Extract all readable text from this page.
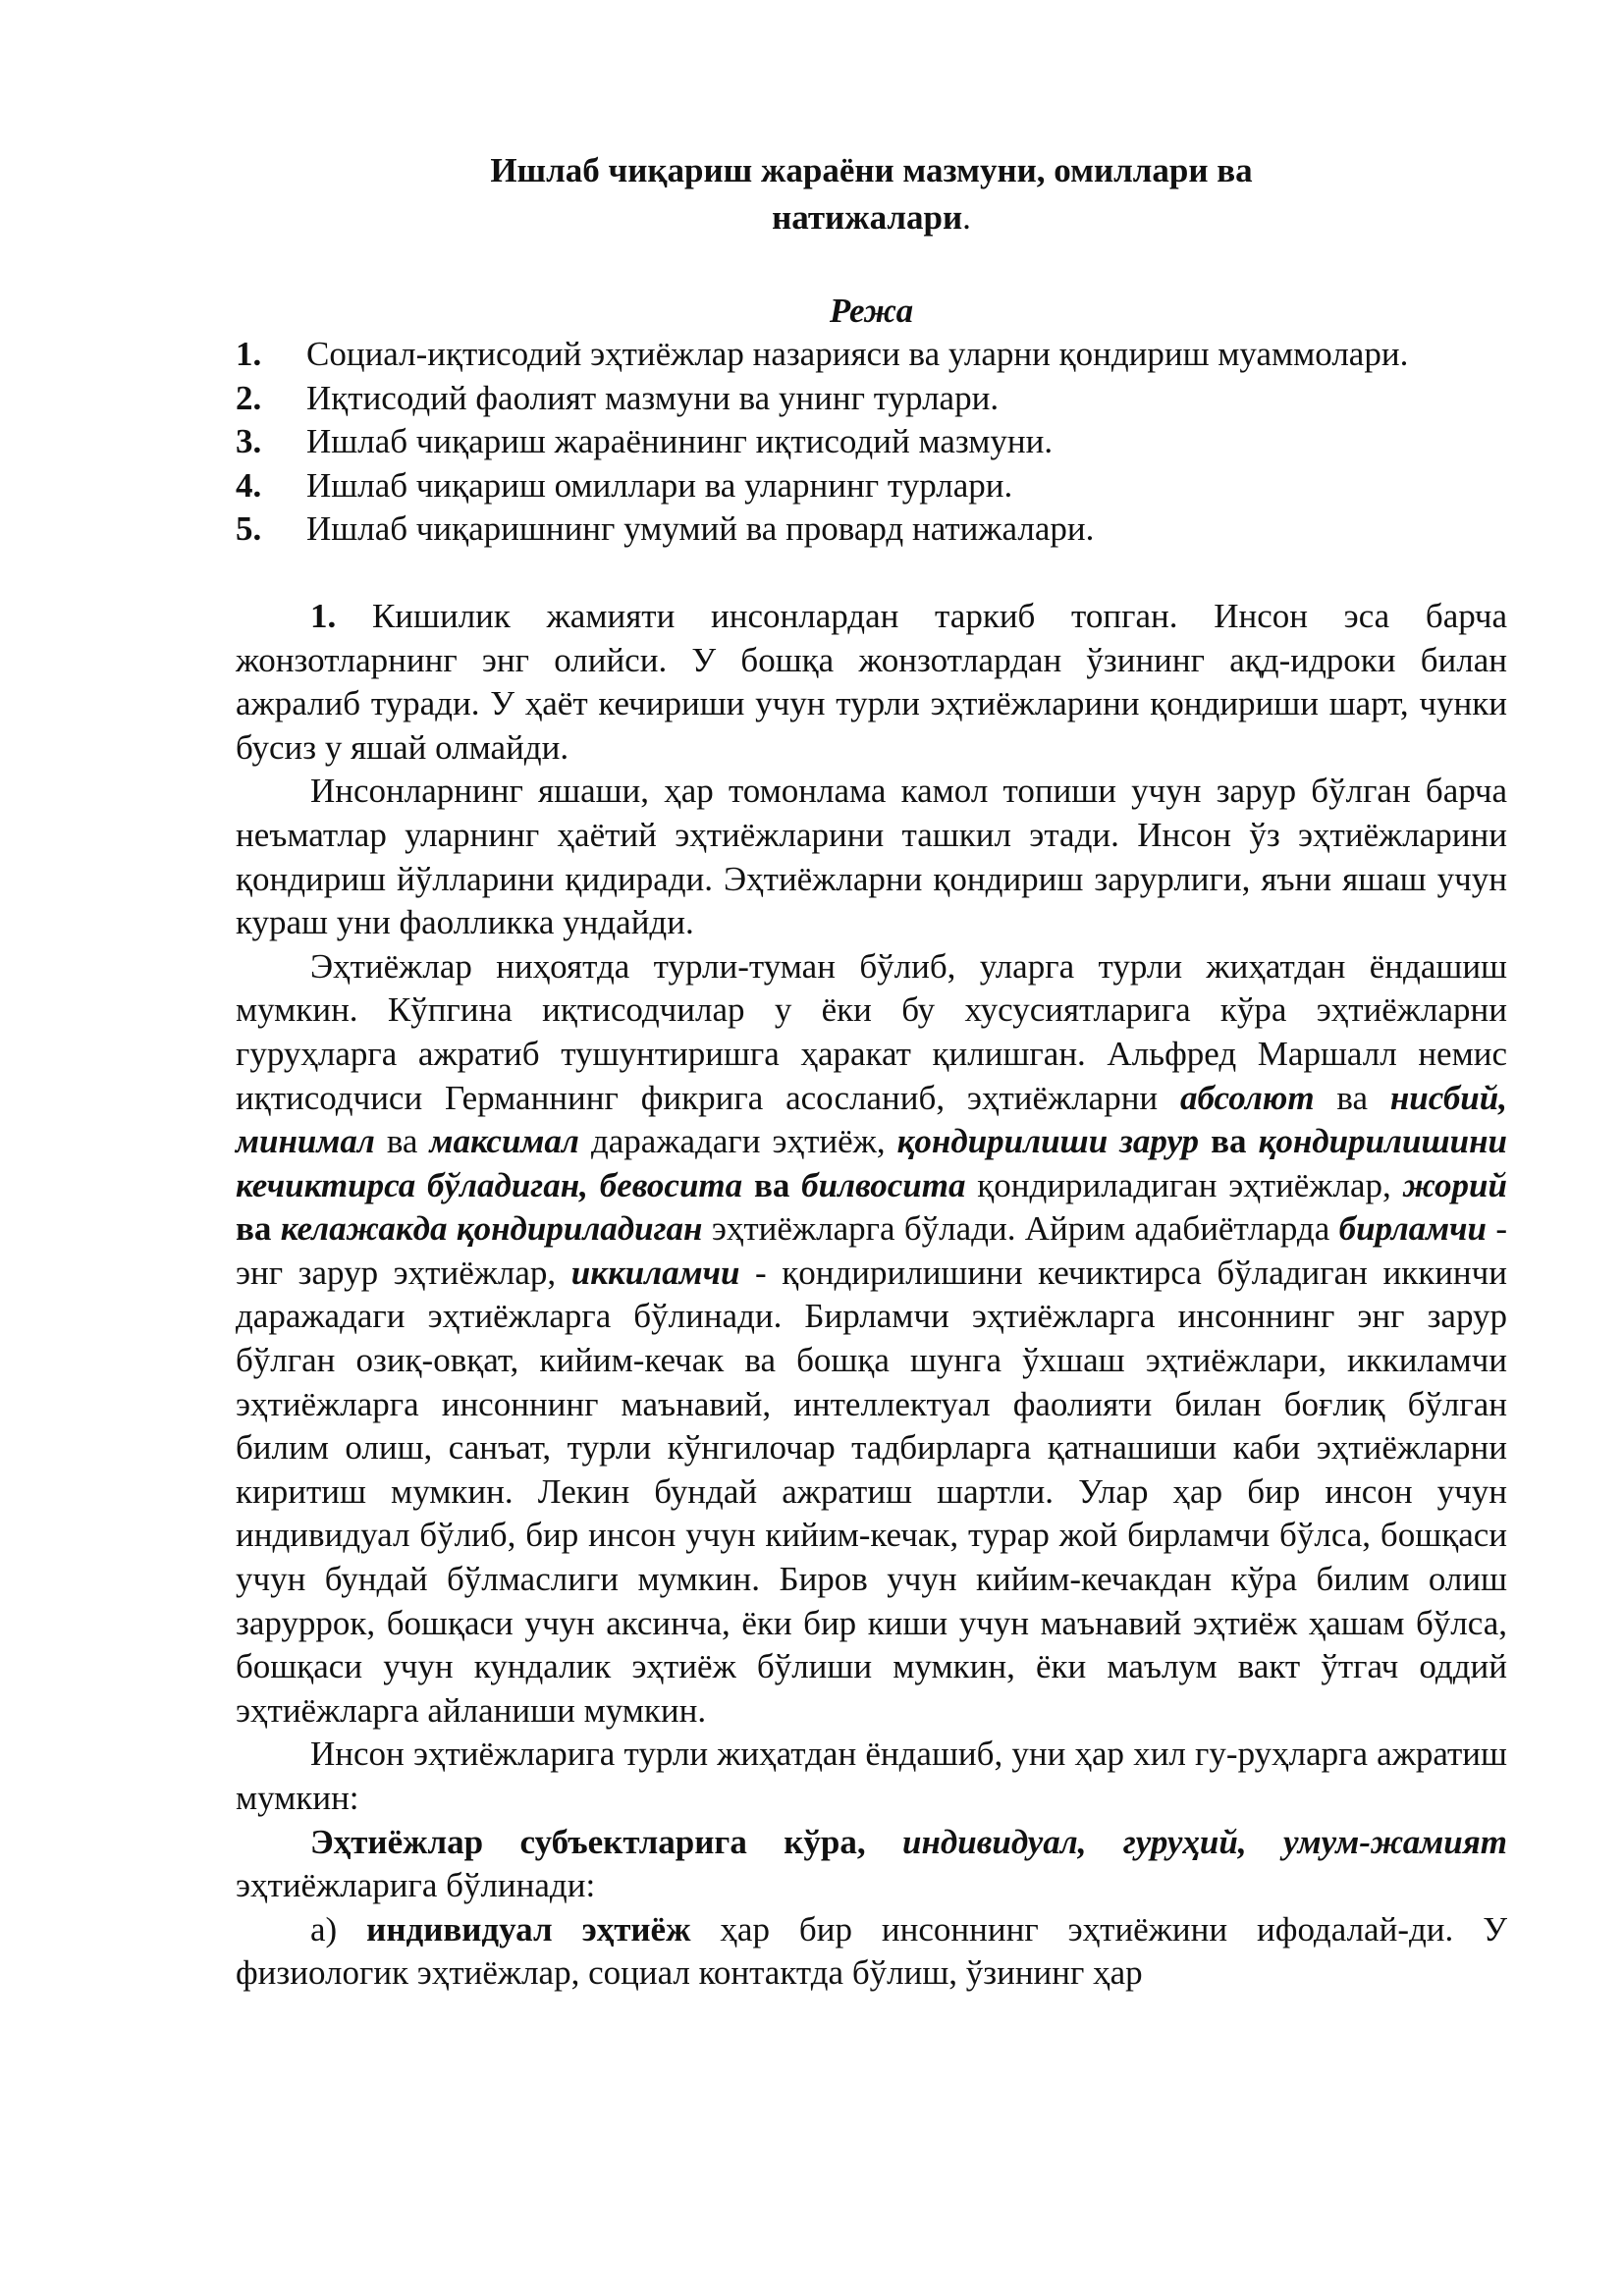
Ишлаб чиқариш жараёни мазмуни, омиллари ва
натижалари.
Режа
1.	Социал-иқтисодий эҳтиёжлар назарияси ва уларни қондириш муаммолари.
2.	Иқтисодий фаолият мазмуни ва унинг турлари.
3.	Ишлаб чиқариш жараёнининг иқтисодий мазмуни.
4.	Ишлаб чиқариш омиллари ва уларнинг турлари.
5.	Ишлаб чиқаришнинг умумий ва провард натижалари.

1. Кишилик жамияти инсонлардан таркиб топган. Инсон эса барча жонзотларнинг энг олийси. У бошқа жонзотлардан ўзининг ақд-идроки билан ажралиб туради. У ҳаёт кечириши учун турли эҳтиёжларини қондириши шарт, чунки бусиз у яшай олмайди.

Инсонларнинг яшаши, ҳар томонлама камол топиши учун зарур бўлган барча неъматлар уларнинг ҳаётий эҳтиёжларини ташкил этади. Инсон ўз эҳтиёжларини қондириш йўлларини қидиради. Эҳтиёжларни қондириш зарурлиги, яъни яшаш учун кураш уни фаолликка ундайди.

Эҳтиёжлар ниҳоятда турли-туман бўлиб, уларга турли жиҳатдан ёндашиш мумкин. Кўпгина иқтисодчилар у ёки бу хусусиятларига кўра эҳтиёжларни гуруҳларга ажратиб тушунтиришга ҳаракат қилишган. Альфред Маршалл немис иқтисодчиси Германнинг фикрига асосланиб, эҳтиёжларни абсолют ва нисбий, минимал ва максимал даражадаги эҳтиёж, қондирилиши зарур ва қондирилишини кечиктирса бўладиган, бевосита ва билвосита қондириладиган эҳтиёжлар, жорий ва келажакда қондириладиган эҳтиёжларга бўлади. Айрим адабиётларда бирламчи - энг зарур эҳтиёжлар, иккиламчи - қондирилишини кечиктирса бўладиган иккинчи даражадаги эҳтиёжларга бўлинади. Бирламчи эҳтиёжларга инсоннинг энг зарур бўлган озиқ-овқат, кийим-кечак ва бошқа шунга ўхшаш эҳтиёжлари, иккиламчи эҳтиёжларга инсоннинг маънавий, интеллектуал фаолияти билан боғлиқ бўлган билим олиш, санъат, турли кўнгилочар тадбирларга қатнашиши каби эҳтиёжларни киритиш мумкин. Лекин бундай ажратиш шартли. Улар ҳар бир инсон учун индивидуал бўлиб, бир инсон учун кийим-кечак, турар жой бирламчи бўлса, бошқаси учун бундай бўлмаслиги мумкин. Биров учун кийим-кечакдан кўра билим олиш заруррок, бошқаси учун аксинча, ёки бир киши учун маънавий эҳтиёж ҳашам бўлса, бошқаси учун кундалик эҳтиёж бўлиши мумкин, ёки маълум вакт ўтгач оддий эҳтиёжларга айланиши мумкин.

Инсон эҳтиёжларига турли жиҳатдан ёндашиб, уни ҳар хил гу-руҳларга ажратиш мумкин:

Эҳтиёжлар субъектларига кўра, индивидуал, гуруҳий, умум-жамият эҳтиёжларига бўлинади:

а) индивидуал эҳтиёж ҳар бир инсоннинг эҳтиёжини ифодалай-ди. У физиологик эҳтиёжлар, социал контактда бўлиш, ўзининг ҳар
